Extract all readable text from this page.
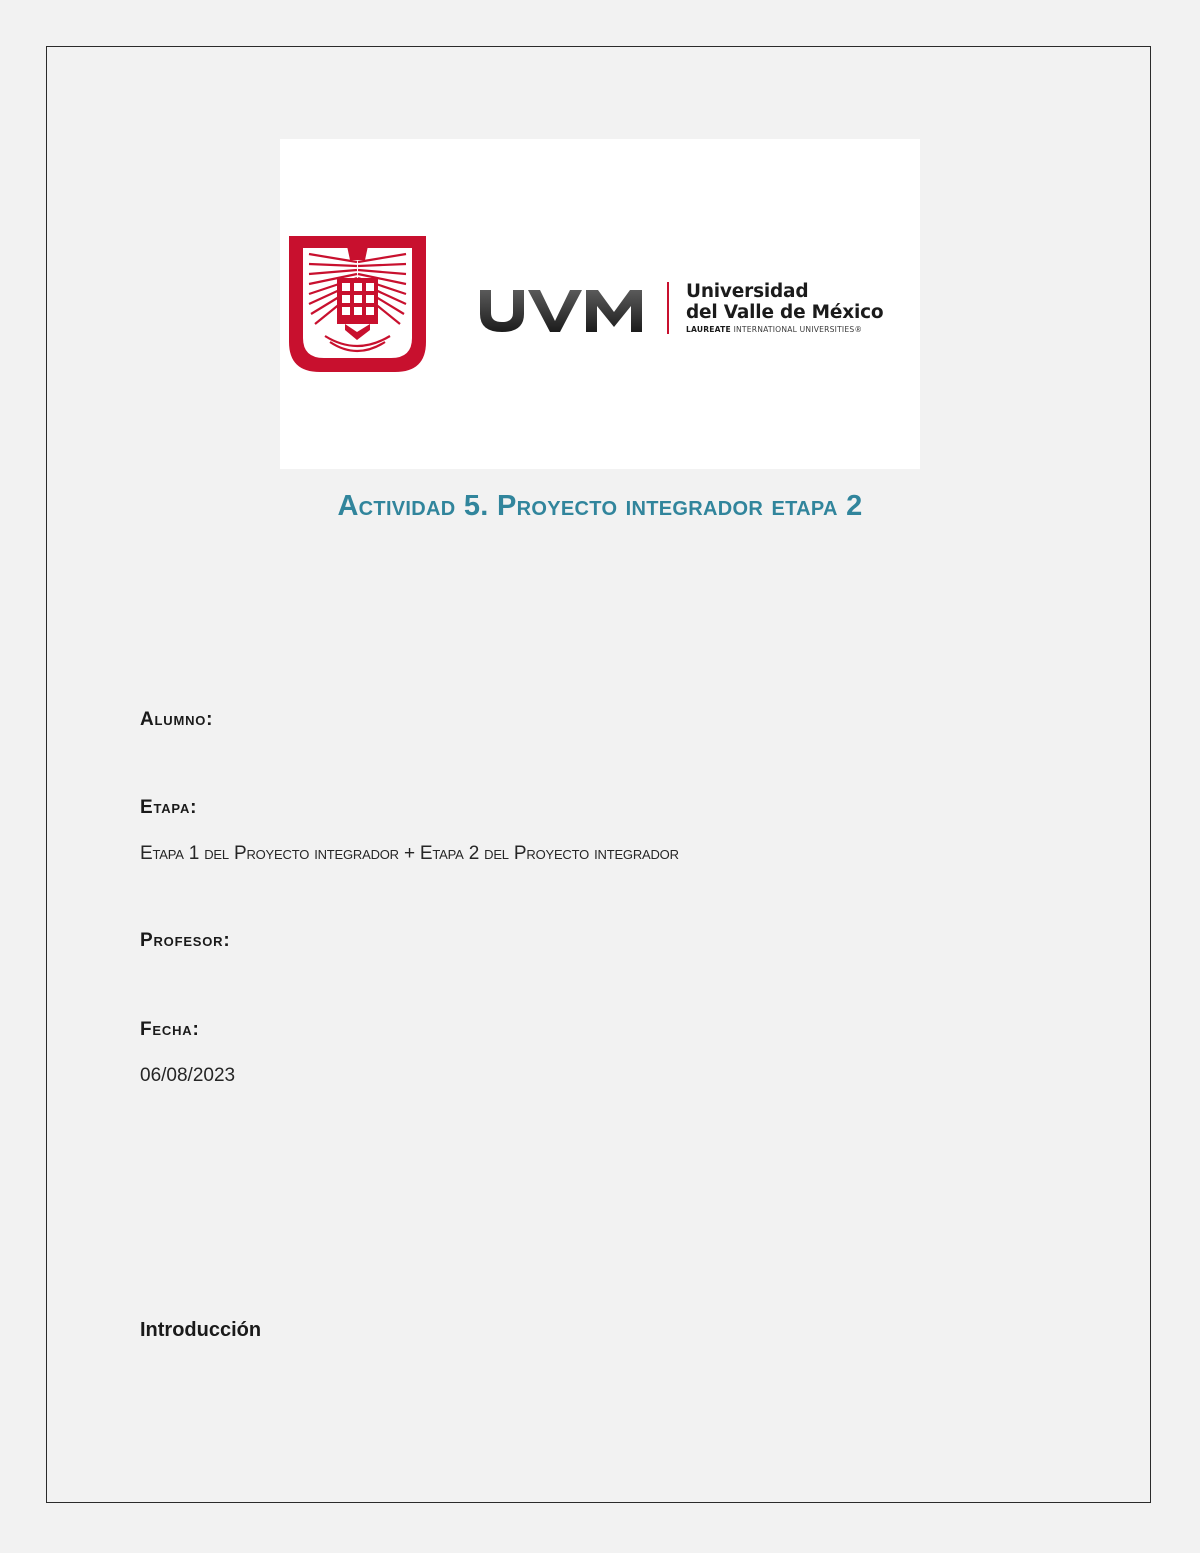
Universidad
del Valle de México
LAUREATE INTERNATIONAL UNIVERSITIES®
Actividad 5. Proyecto integrador etapa 2
Alumno:
Etapa:
Etapa 1 del Proyecto integrador + Etapa 2 del Proyecto integrador
Profesor:
Fecha:
06/08/2023
Introducción
